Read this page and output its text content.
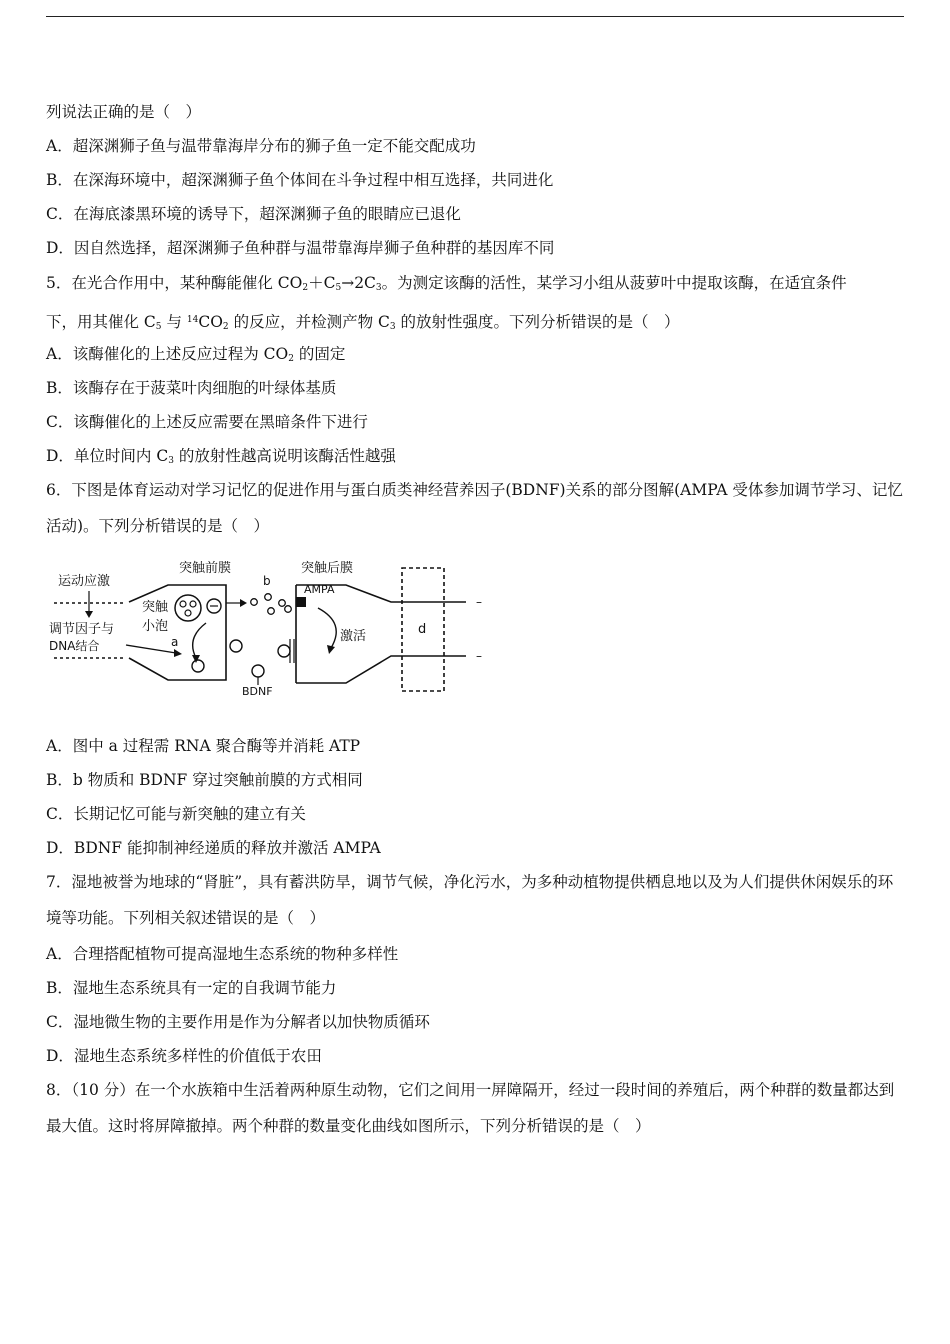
列说法正确的是（　）
A．超深渊狮子鱼与温带靠海岸分布的狮子鱼一定不能交配成功
B．在深海环境中，超深渊狮子鱼个体间在斗争过程中相互选择，共同进化
C．在海底漆黑环境的诱导下，超深渊狮子鱼的眼睛应已退化
D．因自然选择，超深渊狮子鱼种群与温带靠海岸狮子鱼种群的基因库不同
5．在光合作用中，某种酶能催化 $CO_2+C_5\to 2C_3$。为测定该酶的活性，某学习小组从菠萝叶中提取该酶，在适宜条件
下，用其催化 $C_5$ 与 $^{14}CO_2$ 的反应，并检测产物 $C_3$ 的放射性强度。下列分析错误的是（　）
A．该酶催化的上述反应过程为 $CO_2$ 的固定
B．该酶存在于菠菜叶肉细胞的叶绿体基质
C．该酶催化的上述反应需要在黑暗条件下进行
D．单位时间内 $C_3$ 的放射性越高说明该酶活性越强
6．下图是体育运动对学习记忆的促进作用与蛋白质类神经营养因子(BDNF)关系的部分图解(AMPA 受体参加调节学习、记忆活动)。下列分析错误的是（　）
运动应激
突触前膜	突触后膜
b
突触
小泡
AMPA
激活	d
调节因子与
DNA结合	a
BDNF
–
–
A．图中 a 过程需 RNA 聚合酶等并消耗 ATP
B．b 物质和 BDNF 穿过突触前膜的方式相同
C．长期记忆可能与新突触的建立有关
D．BDNF 能抑制神经递质的释放并激活 AMPA
7．湿地被誉为地球的“肾脏”，具有蓄洪防旱，调节气候，净化污水，为多种动植物提供栖息地以及为人们提供休闲娱乐的环境等功能。下列相关叙述错误的是（　）
A．合理搭配植物可提高湿地生态系统的物种多样性
B．湿地生态系统具有一定的自我调节能力
C．湿地微生物的主要作用是作为分解者以加快物质循环
D．湿地生态系统多样性的价值低于农田
8．（10 分）在一个水族箱中生活着两种原生动物，它们之间用一屏障隔开，经过一段时间的养殖后，两个种群的数量都达到最大值。这时将屏障撤掉。两个种群的数量变化曲线如图所示，下列分析错误的是（　）
